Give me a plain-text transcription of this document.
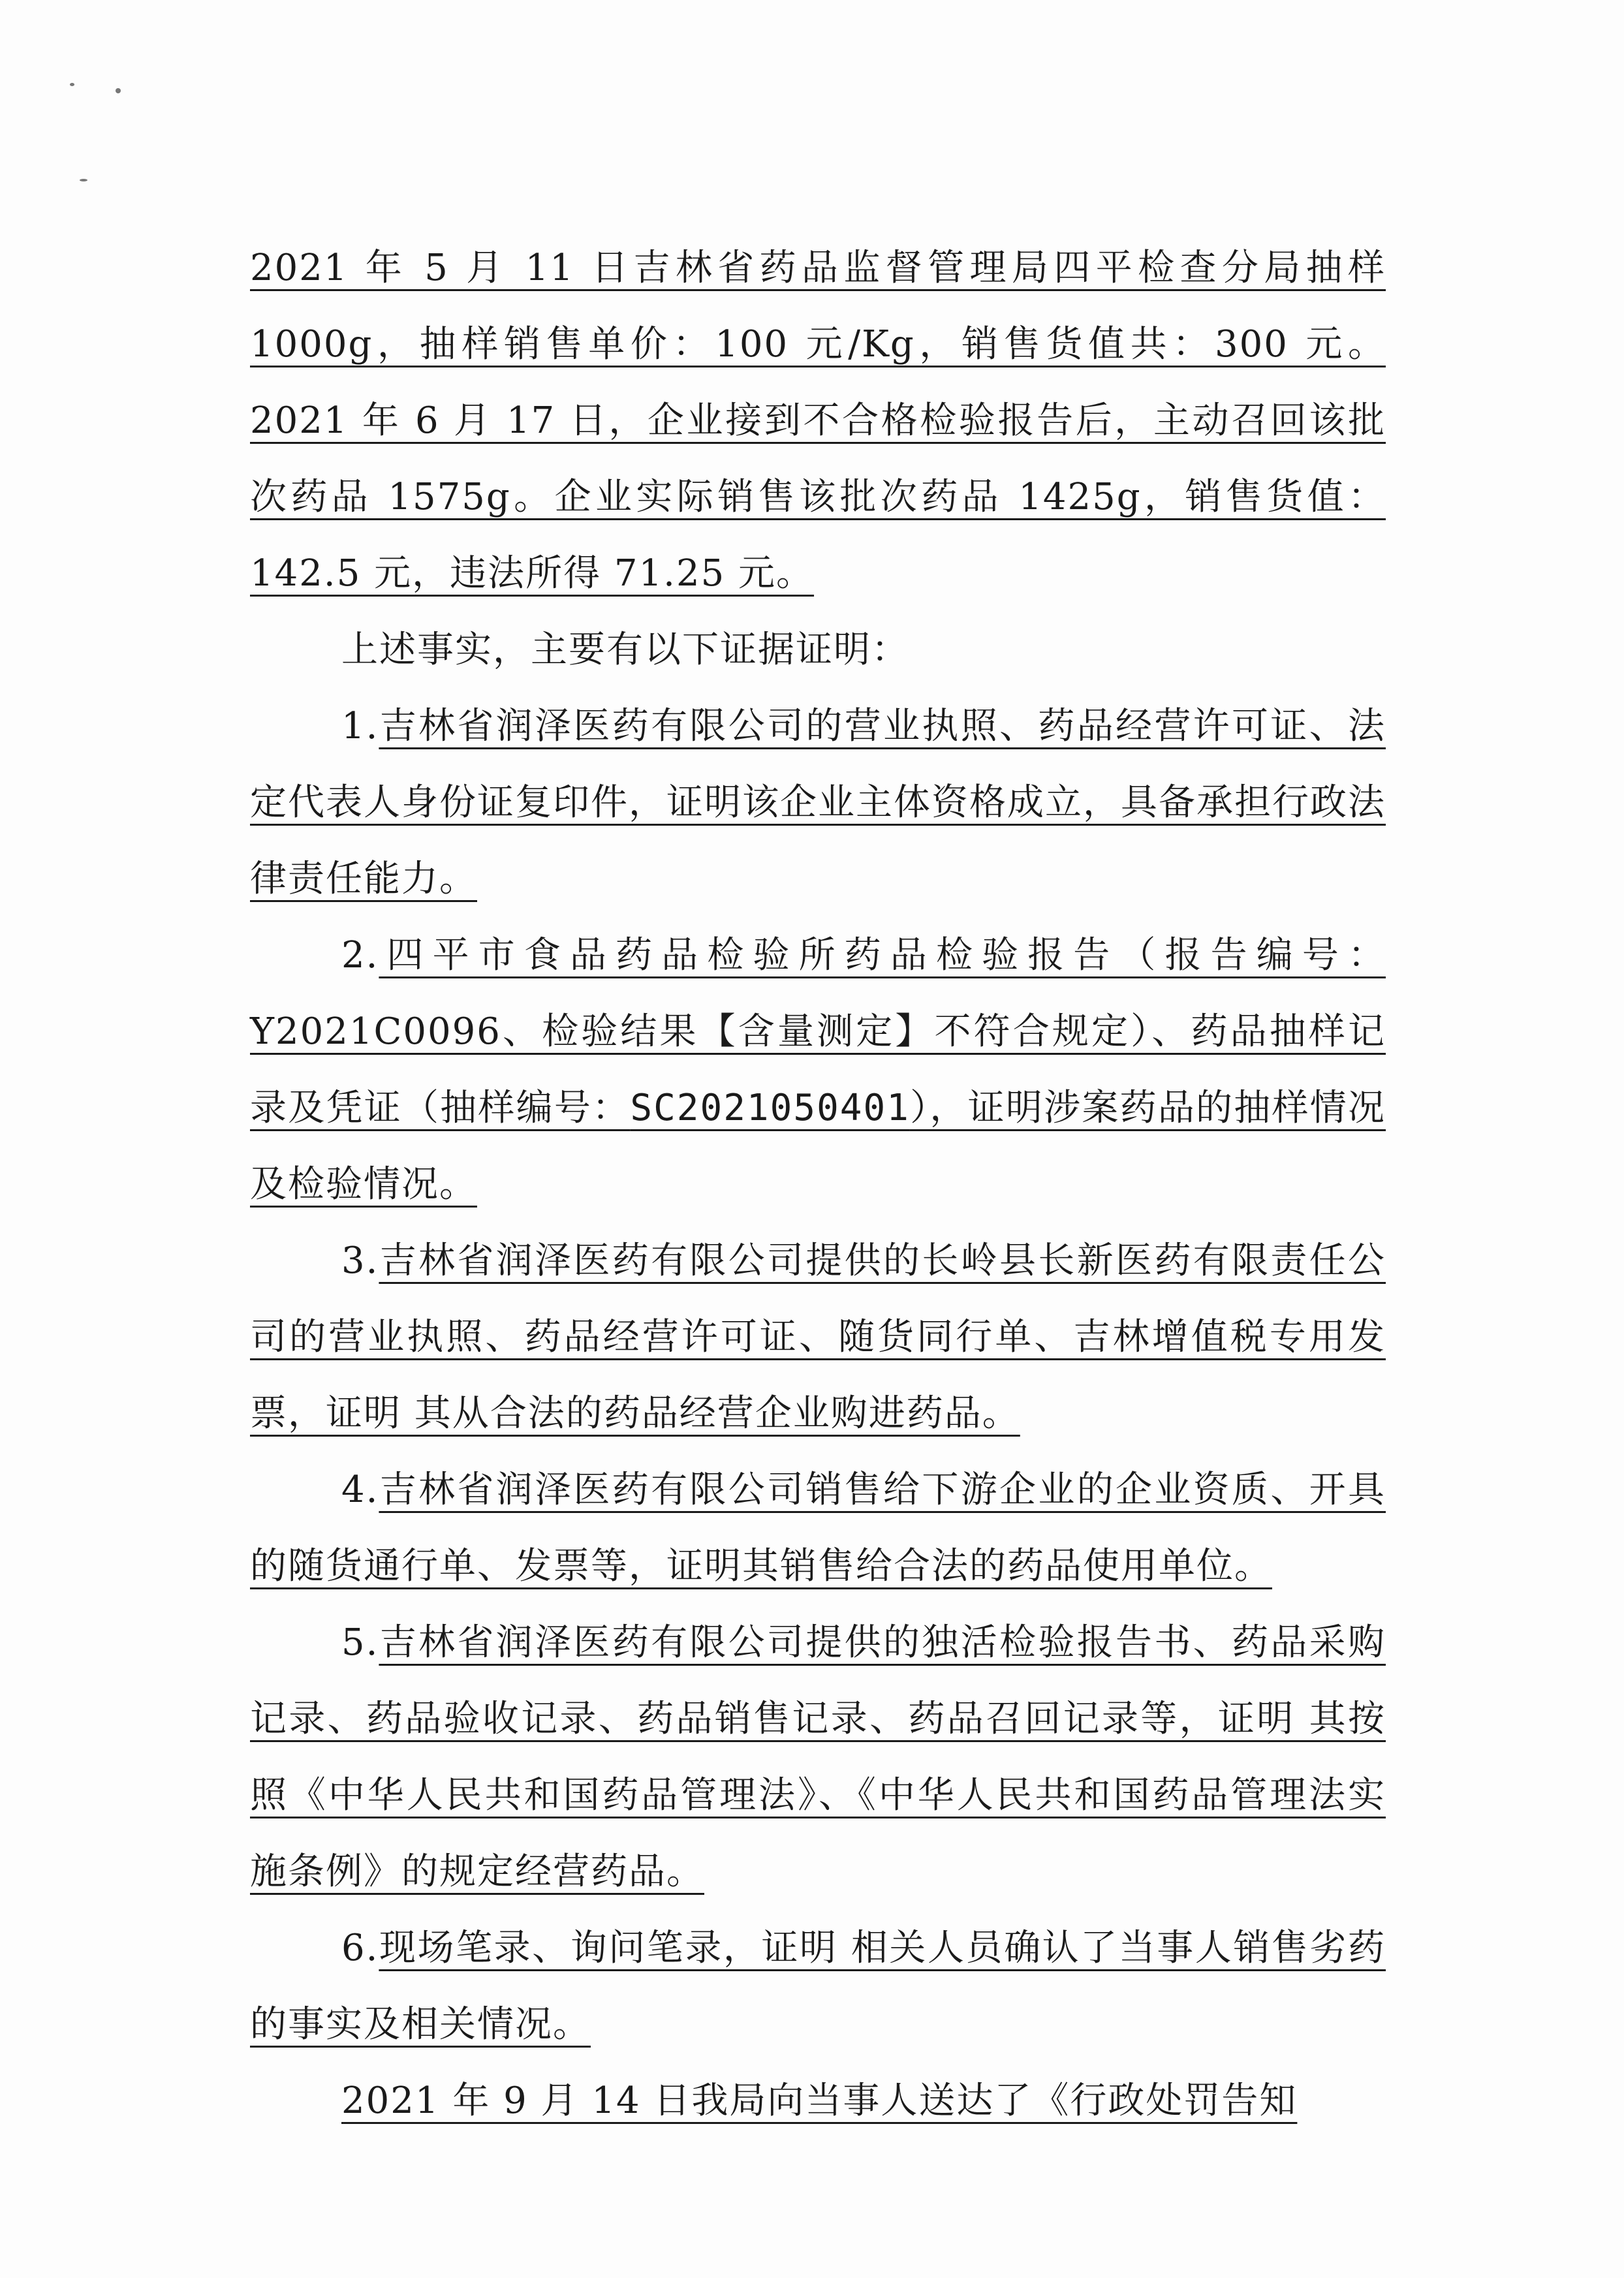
2021 年 5 月 11 日吉林省药品监督管理局四平检查分局抽样 1000g，抽样销售单价：100 元/Kg，销售货值共：300 元。2021 年 6 月 17 日，企业接到不合格检验报告后，主动召回该批次药品 1575g。企业实际销售该批次药品 1425g，销售货值：142.5 元，违法所得 71.25 元。

上述事实，主要有以下证据证明：

1.吉林省润泽医药有限公司的营业执照、药品经营许可证、法定代表人身份证复印件，证明该企业主体资格成立，具备承担行政法律责任能力。

2.四平市食品药品检验所药品检验报告（报告编号：Y2021C0096、检验结果【含量测定】不符合规定）、药品抽样记录及凭证（抽样编号：SC2021050401），证明涉案药品的抽样情况及检验情况。

3.吉林省润泽医药有限公司提供的长岭县长新医药有限责任公司的营业执照、药品经营许可证、随货同行单、吉林增值税专用发票，证明 其从合法的药品经营企业购进药品。

4.吉林省润泽医药有限公司销售给下游企业的企业资质、开具的随货通行单、发票等，证明其销售给合法的药品使用单位。

5.吉林省润泽医药有限公司提供的独活检验报告书、药品采购记录、药品验收记录、药品销售记录、药品召回记录等，证明 其按照《中华人民共和国药品管理法》、《中华人民共和国药品管理法实施条例》的规定经营药品。

6.现场笔录、询问笔录，证明 相关人员确认了当事人销售劣药的事实及相关情况。

2021 年 9 月 14 日我局向当事人送达了《行政处罚告知
